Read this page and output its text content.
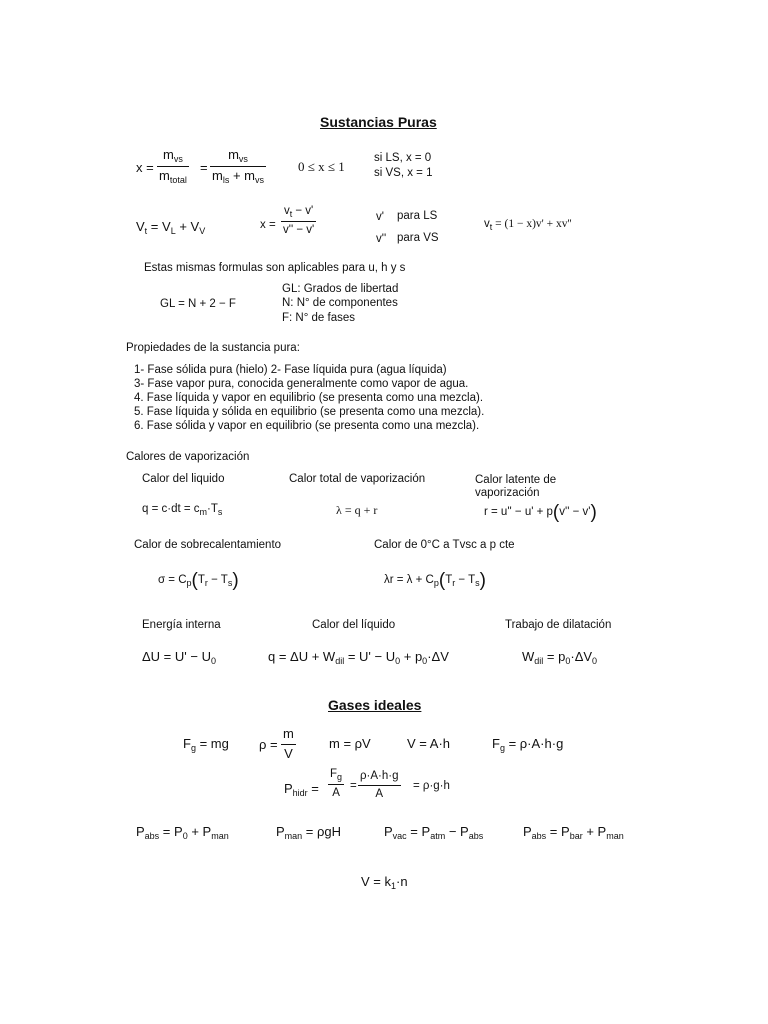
Sustancias Puras
x =
$m_{vs}$
$m_{total}$
=
$m_{vs}$
$m_{ls} + m_{vs}$
0 ≤ x ≤ 1
si LS, x = 0
si VS, x = 1
$V_t = V_L + V_V$	x =
$v_t - v'$
v'' − v'
v' para LS
v'' para VS
$v_t = (1 - x)v' + xv''$
Estas mismas formulas son aplicables para u, h y s
GL = N + 2 − F
GL: Grados de libertad
N: N° de componentes
F: N° de fases
Propiedades de la sustancia pura:
1- Fase sólida pura (hielo) 2- Fase líquida pura (agua líquida)
3- Fase vapor pura, conocida generalmente como vapor de agua.
4. Fase líquida y vapor en equilibrio (se presenta como una mezcla).
5. Fase líquida y sólida en equilibrio (se presenta como una mezcla).
6. Fase sólida y vapor en equilibrio (se presenta como una mezcla).
Calores de vaporización
Calor del liquido	Calor total de vaporización	Calor latente de vaporización
$q = c\cdot dt = c_m\cdot T_s$	λ = q + r	r = u'' − u' + p(v'' − v')
Calor de sobrecalentamiento	Calor de 0°C a Tvsc a p cte
$\sigma = C_p(T_r - T_s)$	$\lambda r = \lambda + C_p(T_r - T_s)$
Energía interna	Calor del líquido	Trabajo de dilatación
$\Delta U = U' - U_0$	$q = \Delta U + W_{dil} = U' - U_0 + p_0\cdot\Delta V$	$W_{dil} = p_0\cdot\Delta V_0$
Gases ideales
$F_g$ = mg ρ =
m
V
m = ρV	V = A·h	$F_g = \rho\cdot A\cdot h\cdot g$
$P_{hidr}$ =
$F_g$
A
=
ρ·A·h·g
A
= ρ·g·h
$P_{abs} = P_0 + P_{man}$	$P_{man} = \rho gH$	$P_{vac} = P_{atm} - P_{abs}$	$P_{abs} = P_{bar} + P_{man}$
$V = k_1\cdot n$
